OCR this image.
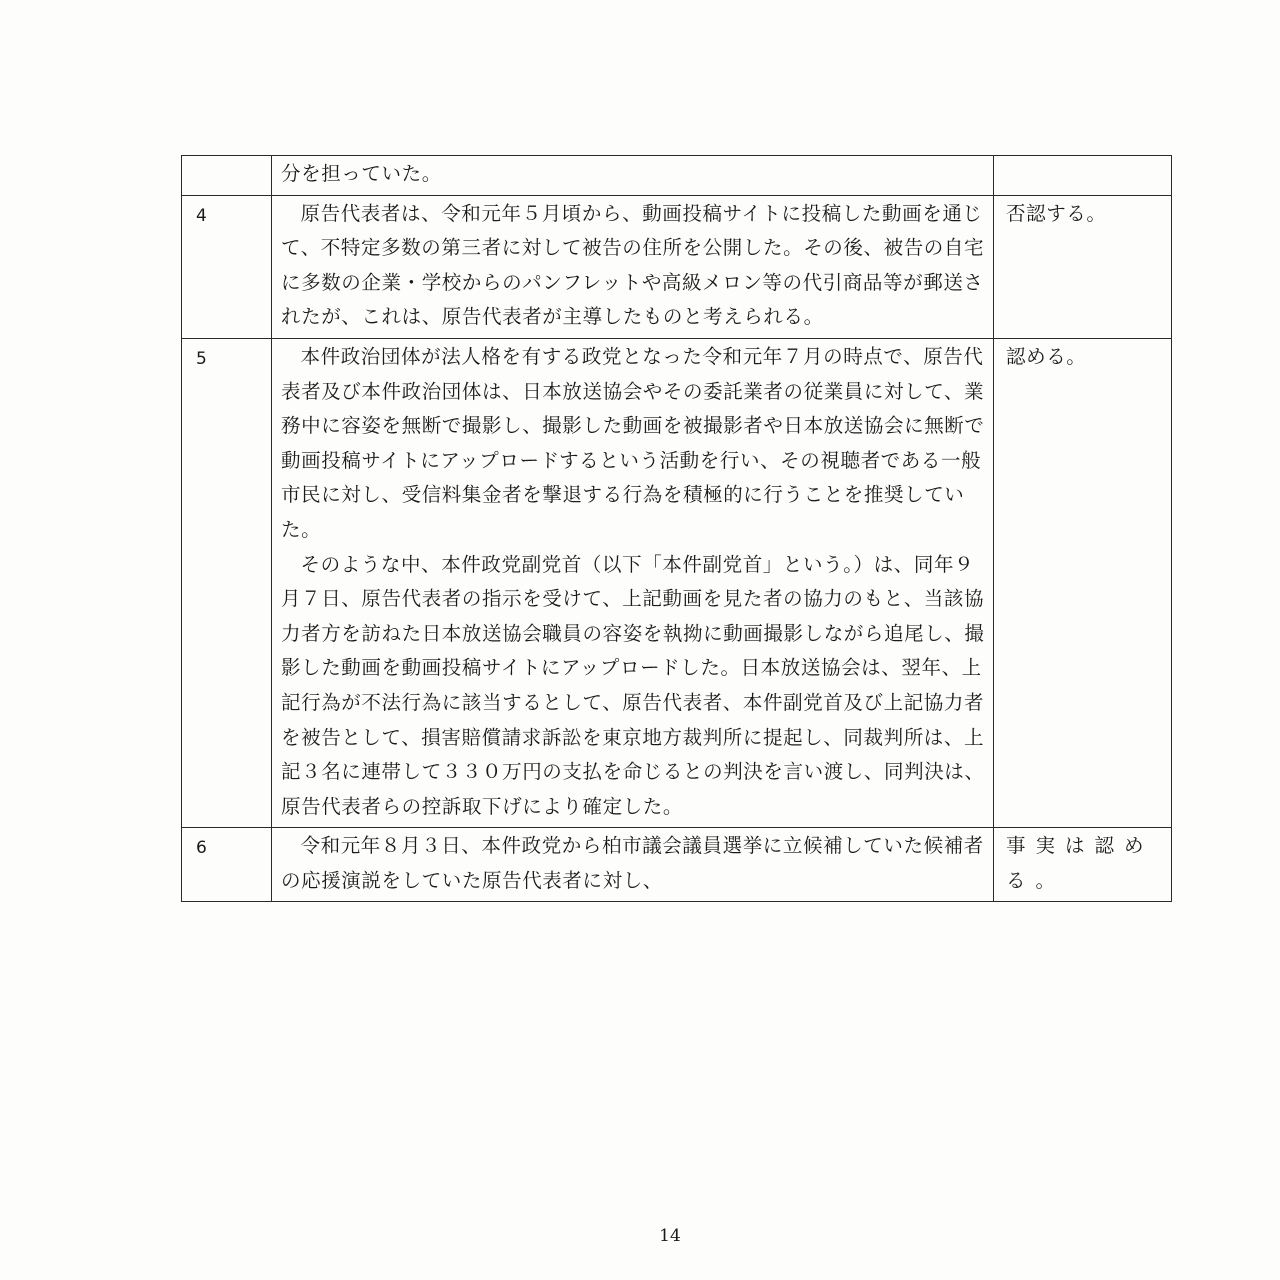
	分を担っていた。	

4	原告代表者は、令和元年５月頃から、動画投稿サイトに投稿した動画を通じて、不特定多数の第三者に対して被告の住所を公開した。その後、被告の自宅に多数の企業・学校からのパンフレットや高級メロン等の代引商品等が郵送されたが、これは、原告代表者が主導したものと考えられる。	否認する。

5	本件政治団体が法人格を有する政党となった令和元年７月の時点で、原告代表者及び本件政治団体は、日本放送協会やその委託業者の従業員に対して、業務中に容姿を無断で撮影し、撮影した動画を被撮影者や日本放送協会に無断で動画投稿サイトにアップロードするという活動を行い、その視聴者である一般市民に対し、受信料集金者を撃退する行為を積極的に行うことを推奨していた。

そのような中、本件政党副党首（以下「本件副党首」という。）は、同年９月７日、原告代表者の指示を受けて、上記動画を見た者の協力のもと、当該協力者方を訪ねた日本放送協会職員の容姿を執拗に動画撮影しながら追尾し、撮影した動画を動画投稿サイトにアップロードした。日本放送協会は、翌年、上記行為が不法行為に該当するとして、原告代表者、本件副党首及び上記協力者を被告として、損害賠償請求訴訟を東京地方裁判所に提起し、同裁判所は、上記３名に連帯して３３０万円の支払を命じるとの判決を言い渡し、同判決は、原告代表者らの控訴取下げにより確定した。	認める。

6	令和元年８月３日、本件政党から柏市議会議員選挙に立候補していた候補者の応援演説をしていた原告代表者に対し、	事実は認める。
14
